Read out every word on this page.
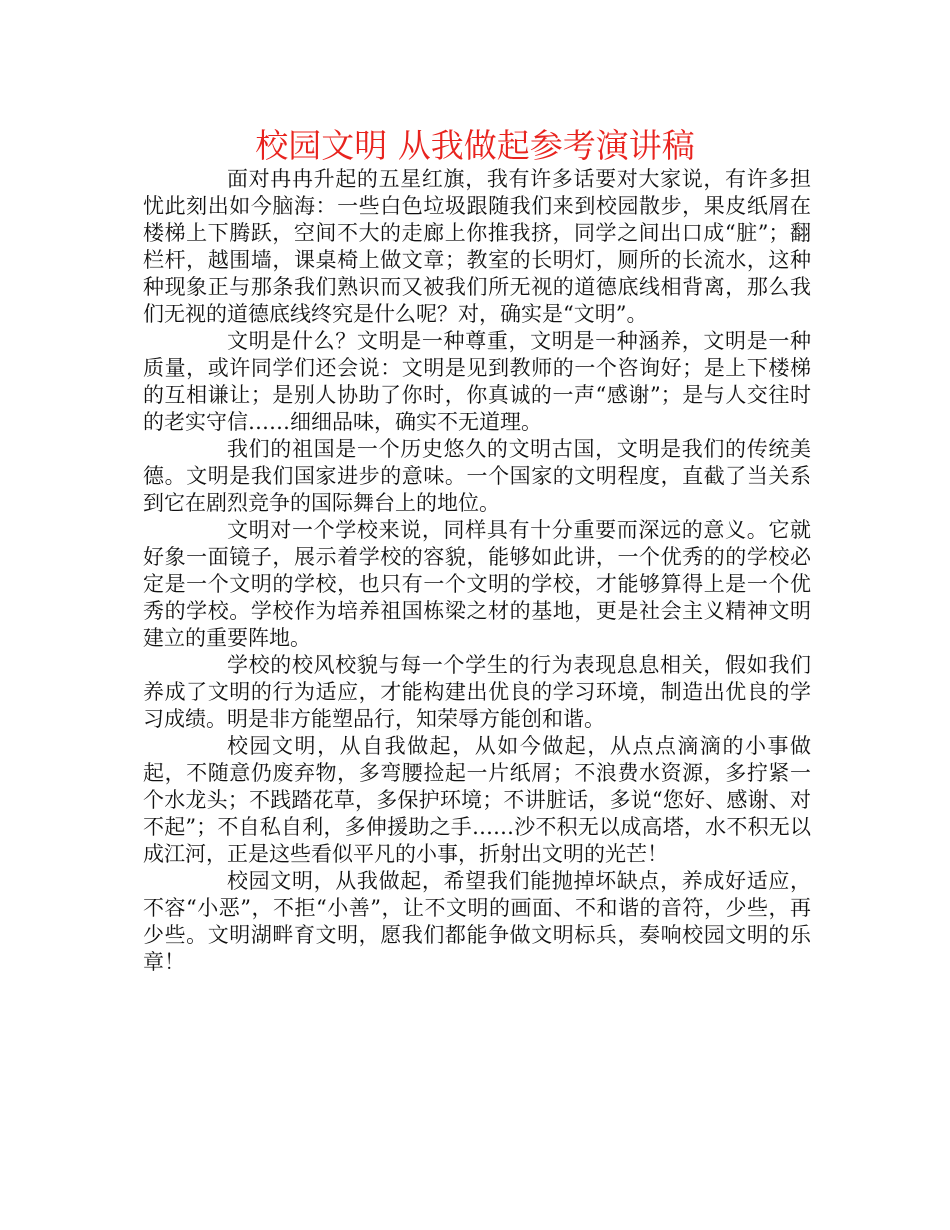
校园文明 从我做起参考演讲稿

面对冉冉升起的五星红旗，我有许多话要对大家说，有许多担忧此刻出如今脑海：一些白色垃圾跟随我们来到校园散步，果皮纸屑在楼梯上下腾跃，空间不大的走廊上你推我挤，同学之间出口成“脏”；翻栏杆，越围墙，课桌椅上做文章；教室的长明灯，厕所的长流水，这种种现象正与那条我们熟识而又被我们所无视的道德底线相背离，那么我们无视的道德底线终究是什么呢？对，确实是“文明”。

文明是什么？文明是一种尊重，文明是一种涵养，文明是一种质量，或许同学们还会说：文明是见到教师的一个咨询好；是上下楼梯的互相谦让；是别人协助了你时，你真诚的一声“感谢”；是与人交往时的老实守信……细细品味，确实不无道理。

我们的祖国是一个历史悠久的文明古国，文明是我们的传统美德。文明是我们国家进步的意味。一个国家的文明程度，直截了当关系到它在剧烈竞争的国际舞台上的地位。

文明对一个学校来说，同样具有十分重要而深远的意义。它就好象一面镜子，展示着学校的容貌，能够如此讲，一个优秀的的学校必定是一个文明的学校，也只有一个文明的学校，才能够算得上是一个优秀的学校。学校作为培养祖国栋梁之材的基地，更是社会主义精神文明建立的重要阵地。

学校的校风校貌与每一个学生的行为表现息息相关，假如我们养成了文明的行为适应，才能构建出优良的学习环境，制造出优良的学习成绩。明是非方能塑品行，知荣辱方能创和谐。

校园文明，从自我做起，从如今做起，从点点滴滴的小事做起，不随意仍废弃物，多弯腰捡起一片纸屑；不浪费水资源，多拧紧一个水龙头；不践踏花草，多保护环境；不讲脏话，多说“您好、感谢、对不起”；不自私自利，多伸援助之手……沙不积无以成高塔，水不积无以成江河，正是这些看似平凡的小事，折射出文明的光芒！

校园文明，从我做起，希望我们能抛掉坏缺点，养成好适应，不容“小恶”，不拒“小善”，让不文明的画面、不和谐的音符，少些，再少些。文明湖畔育文明，愿我们都能争做文明标兵，奏响校园文明的乐章！
